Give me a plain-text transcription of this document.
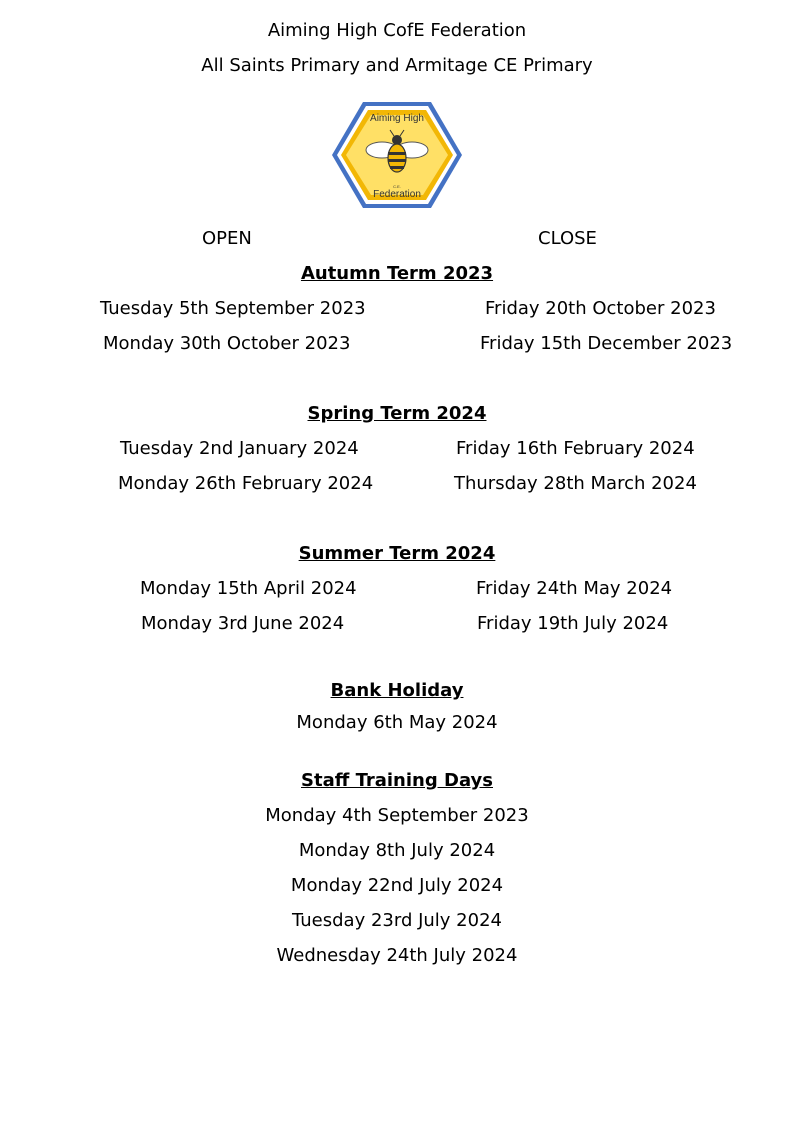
Aiming High CofE Federation
All Saints Primary and Armitage CE Primary
Aiming High
C.E.
Federation
OPEN	CLOSE
Autumn Term 2023
Tuesday 5th September 2023	Friday 20th October 2023
Monday 30th October 2023	Friday 15th December 2023
Spring Term 2024
Tuesday 2nd January 2024	Friday 16th February 2024
Monday 26th February 2024	Thursday 28th March 2024
Summer Term 2024
Monday 15th April 2024	Friday 24th May 2024
Monday 3rd June 2024	Friday 19th July 2024
Bank Holiday
Monday 6th May 2024
Staff Training Days
Monday 4th September 2023
Monday 8th July 2024
Monday 22nd July 2024
Tuesday 23rd July 2024
Wednesday 24th July 2024
